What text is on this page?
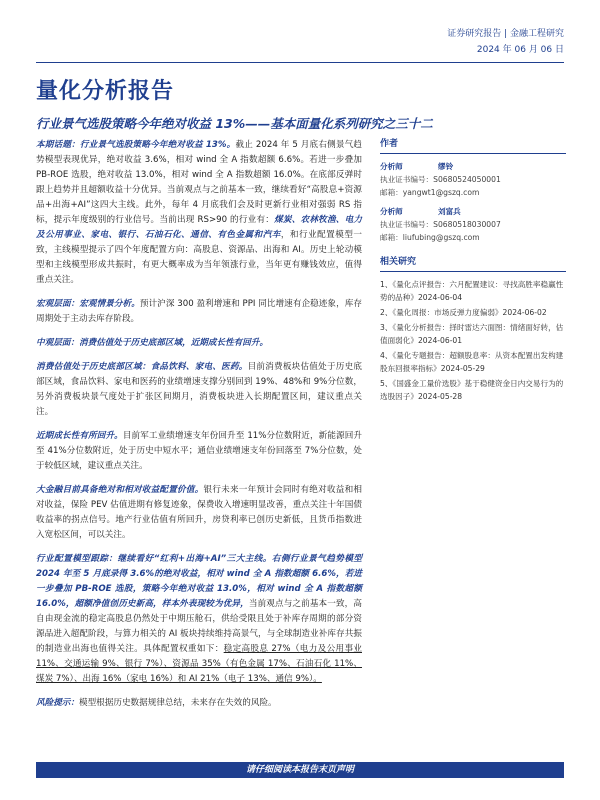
证券研究报告 | 金融工程研究
2024 年 06 月 06 日
量化分析报告
行业景气选股策略今年绝对收益 13%——基本面量化系列研究之三十二

本期话题：行业景气选股策略今年绝对收益 13%。截止 2024 年 5 月底右侧景气趋势模型表现优异，绝对收益 3.6%，相对 wind 全 A 指数超额 6.6%。若进一步叠加 PB-ROE 选股，绝对收益 13.0%，相对 wind 全 A 指数超额 16.0%。在底部反弹时跟上趋势并且超额收益十分优异。当前观点与之前基本一致，继续看好“高股息+资源品+出海+AI”这四大主线。此外，每年 4 月底我们会及时更新行业相对强弱 RS 指标，提示年度级别的行业信号。当前出现 RS>90 的行业有：煤炭、农林牧渔、电力及公用事业、家电、银行、石油石化、通信、有色金属和汽车，和行业配置模型一致，主线模型提示了四个年度配置方向：高股息、资源品、出海和 AI。历史上轮动模型和主线模型形成共振时，有更大概率成为当年领涨行业，当年更有赚钱效应，值得重点关注。

宏观层面：宏观情景分析。预计沪深 300 盈利增速和 PPI 同比增速有企稳迹象，库存周期处于主动去库存阶段。

中观层面：消费估值处于历史底部区域，近期成长性有回升。

消费估值处于历史底部区域：食品饮料、家电、医药。目前消费板块估值处于历史底部区域，食品饮料、家电和医药的业绩增速支撑分别回到 19%、48%和 9%分位数，另外消费板块景气度处于扩张区间期月，消费板块进入长期配置区间，建议重点关注。

近期成长性有所回升。目前军工业绩增速支年份回升至 11%分位数附近，新能源回升至 41%分位数附近，处于历史中短水平；通信业绩增速支年份回落至 7%分位数，处于较低区域，建议重点关注。

大金融目前具备绝对和相对收益配置价值。银行未来一年预计会同时有绝对收益和相对收益，保险 PEV 估值进期有修复迹象，保费收入增速明显改善，重点关注十年国债收益率的拐点信号。地产行业估值有所回升，房贷利率已创历史新低，且货币指数进入宽松区间，可以关注。

行业配置模型跟踪：继续看好“红利+出海+AI”三大主线。右侧行业景气趋势模型 2024 年至 5 月底录得 3.6%的绝对收益，相对 wind 全 A 指数超额 6.6%，若进一步叠加 PB-ROE 选股，策略今年绝对收益 13.0%，相对 wind 全 A 指数超额 16.0%，超额净值创历史新高，样本外表现较为优异，当前观点与之前基本一致，高自由现金流的稳定高股息仍然处于中期压舱石，供给受限且处于补库存周期的部分资源品进入超配阶段，与算力相关的 AI 板块持续维持高景气，与全球制造业补库存共振的制造业出海也值得关注。具体配置权重如下：稳定高股息 27%（电力及公用事业 11%、交通运输 9%、银行 7%）、资源品 35%（有色金属 17%、石油石化 11%、煤炭 7%）、出海 16%（家电 16%）和 AI 21%（电子 13%、通信 9%）。

风险提示：模型根据历史数据规律总结，未来存在失效的风险。

作者
分析师	缪铃
执业证书编号：S0680524050001
邮箱：yangwt1@gszq.com
分析师	刘富兵
执业证书编号：S0680518030007
邮箱：liufubing@gszq.com
相关研究
1、《量化点评报告：六月配置建议：寻找高胜率稳赢性势的品种》2024-06-04
2、《量化周报：市场反弹力度偏弱》2024-06-02
3、《量化分析报告：择时雷达六面图：情绪面好转，估值面弱化》2024-06-01
4、《量化专题报告：超额股息率：从资本配置出发构建股东回报率指标》2024-05-29
5、《国盛金工量价选股》基于稳健资金日内交易行为的选股因子》2024-05-28
请仔细阅读本报告末页声明
